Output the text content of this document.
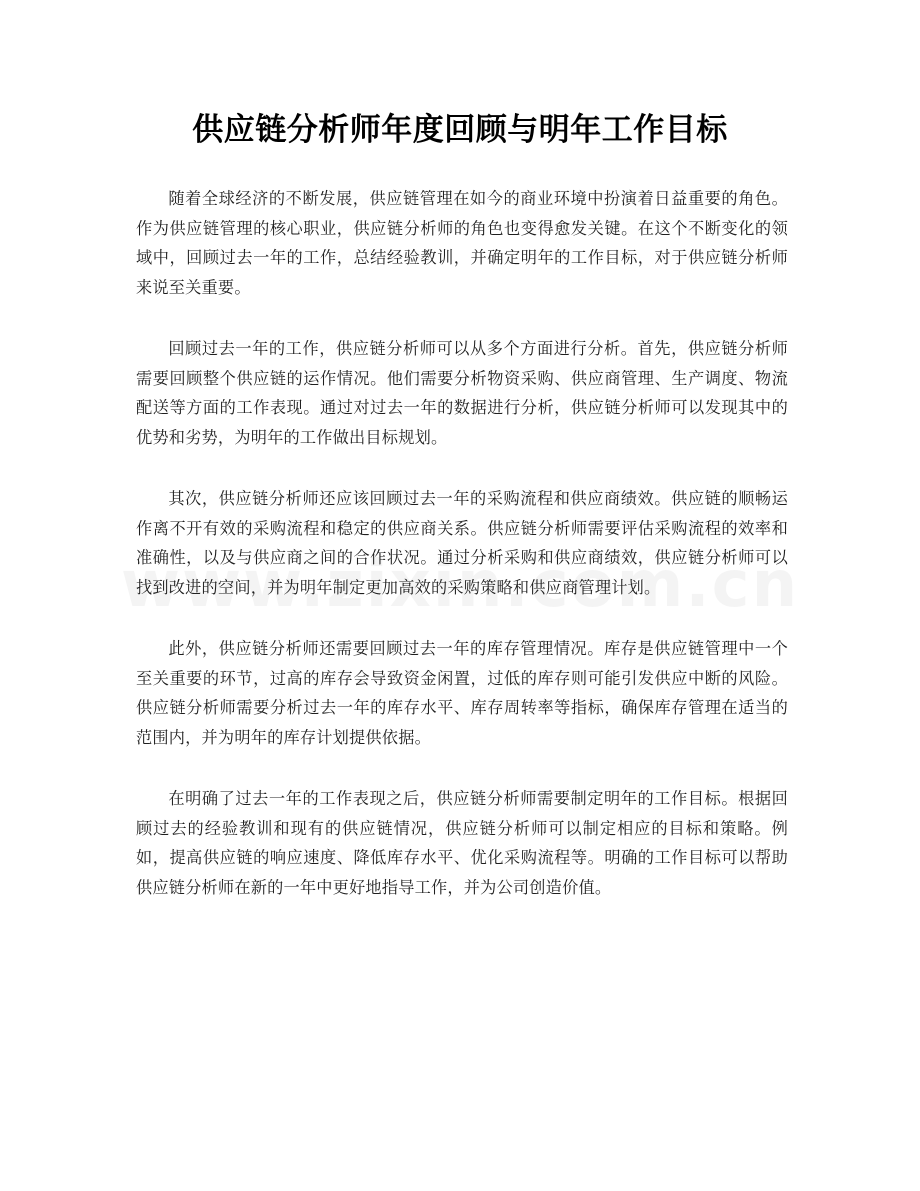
供应链分析师年度回顾与明年工作目标

随着全球经济的不断发展，供应链管理在如今的商业环境中扮演着日益重要的角色。作为供应链管理的核心职业，供应链分析师的角色也变得愈发关键。在这个不断变化的领域中，回顾过去一年的工作，总结经验教训，并确定明年的工作目标，对于供应链分析师来说至关重要。

回顾过去一年的工作，供应链分析师可以从多个方面进行分析。首先，供应链分析师需要回顾整个供应链的运作情况。他们需要分析物资采购、供应商管理、生产调度、物流配送等方面的工作表现。通过对过去一年的数据进行分析，供应链分析师可以发现其中的优势和劣势，为明年的工作做出目标规划。

其次，供应链分析师还应该回顾过去一年的采购流程和供应商绩效。供应链的顺畅运作离不开有效的采购流程和稳定的供应商关系。供应链分析师需要评估采购流程的效率和准确性，以及与供应商之间的合作状况。通过分析采购和供应商绩效，供应链分析师可以找到改进的空间，并为明年制定更加高效的采购策略和供应商管理计划。

此外，供应链分析师还需要回顾过去一年的库存管理情况。库存是供应链管理中一个至关重要的环节，过高的库存会导致资金闲置，过低的库存则可能引发供应中断的风险。供应链分析师需要分析过去一年的库存水平、库存周转率等指标，确保库存管理在适当的范围内，并为明年的库存计划提供依据。

在明确了过去一年的工作表现之后，供应链分析师需要制定明年的工作目标。根据回顾过去的经验教训和现有的供应链情况，供应链分析师可以制定相应的目标和策略。例如，提高供应链的响应速度、降低库存水平、优化采购流程等。明确的工作目标可以帮助供应链分析师在新的一年中更好地指导工作，并为公司创造价值。
